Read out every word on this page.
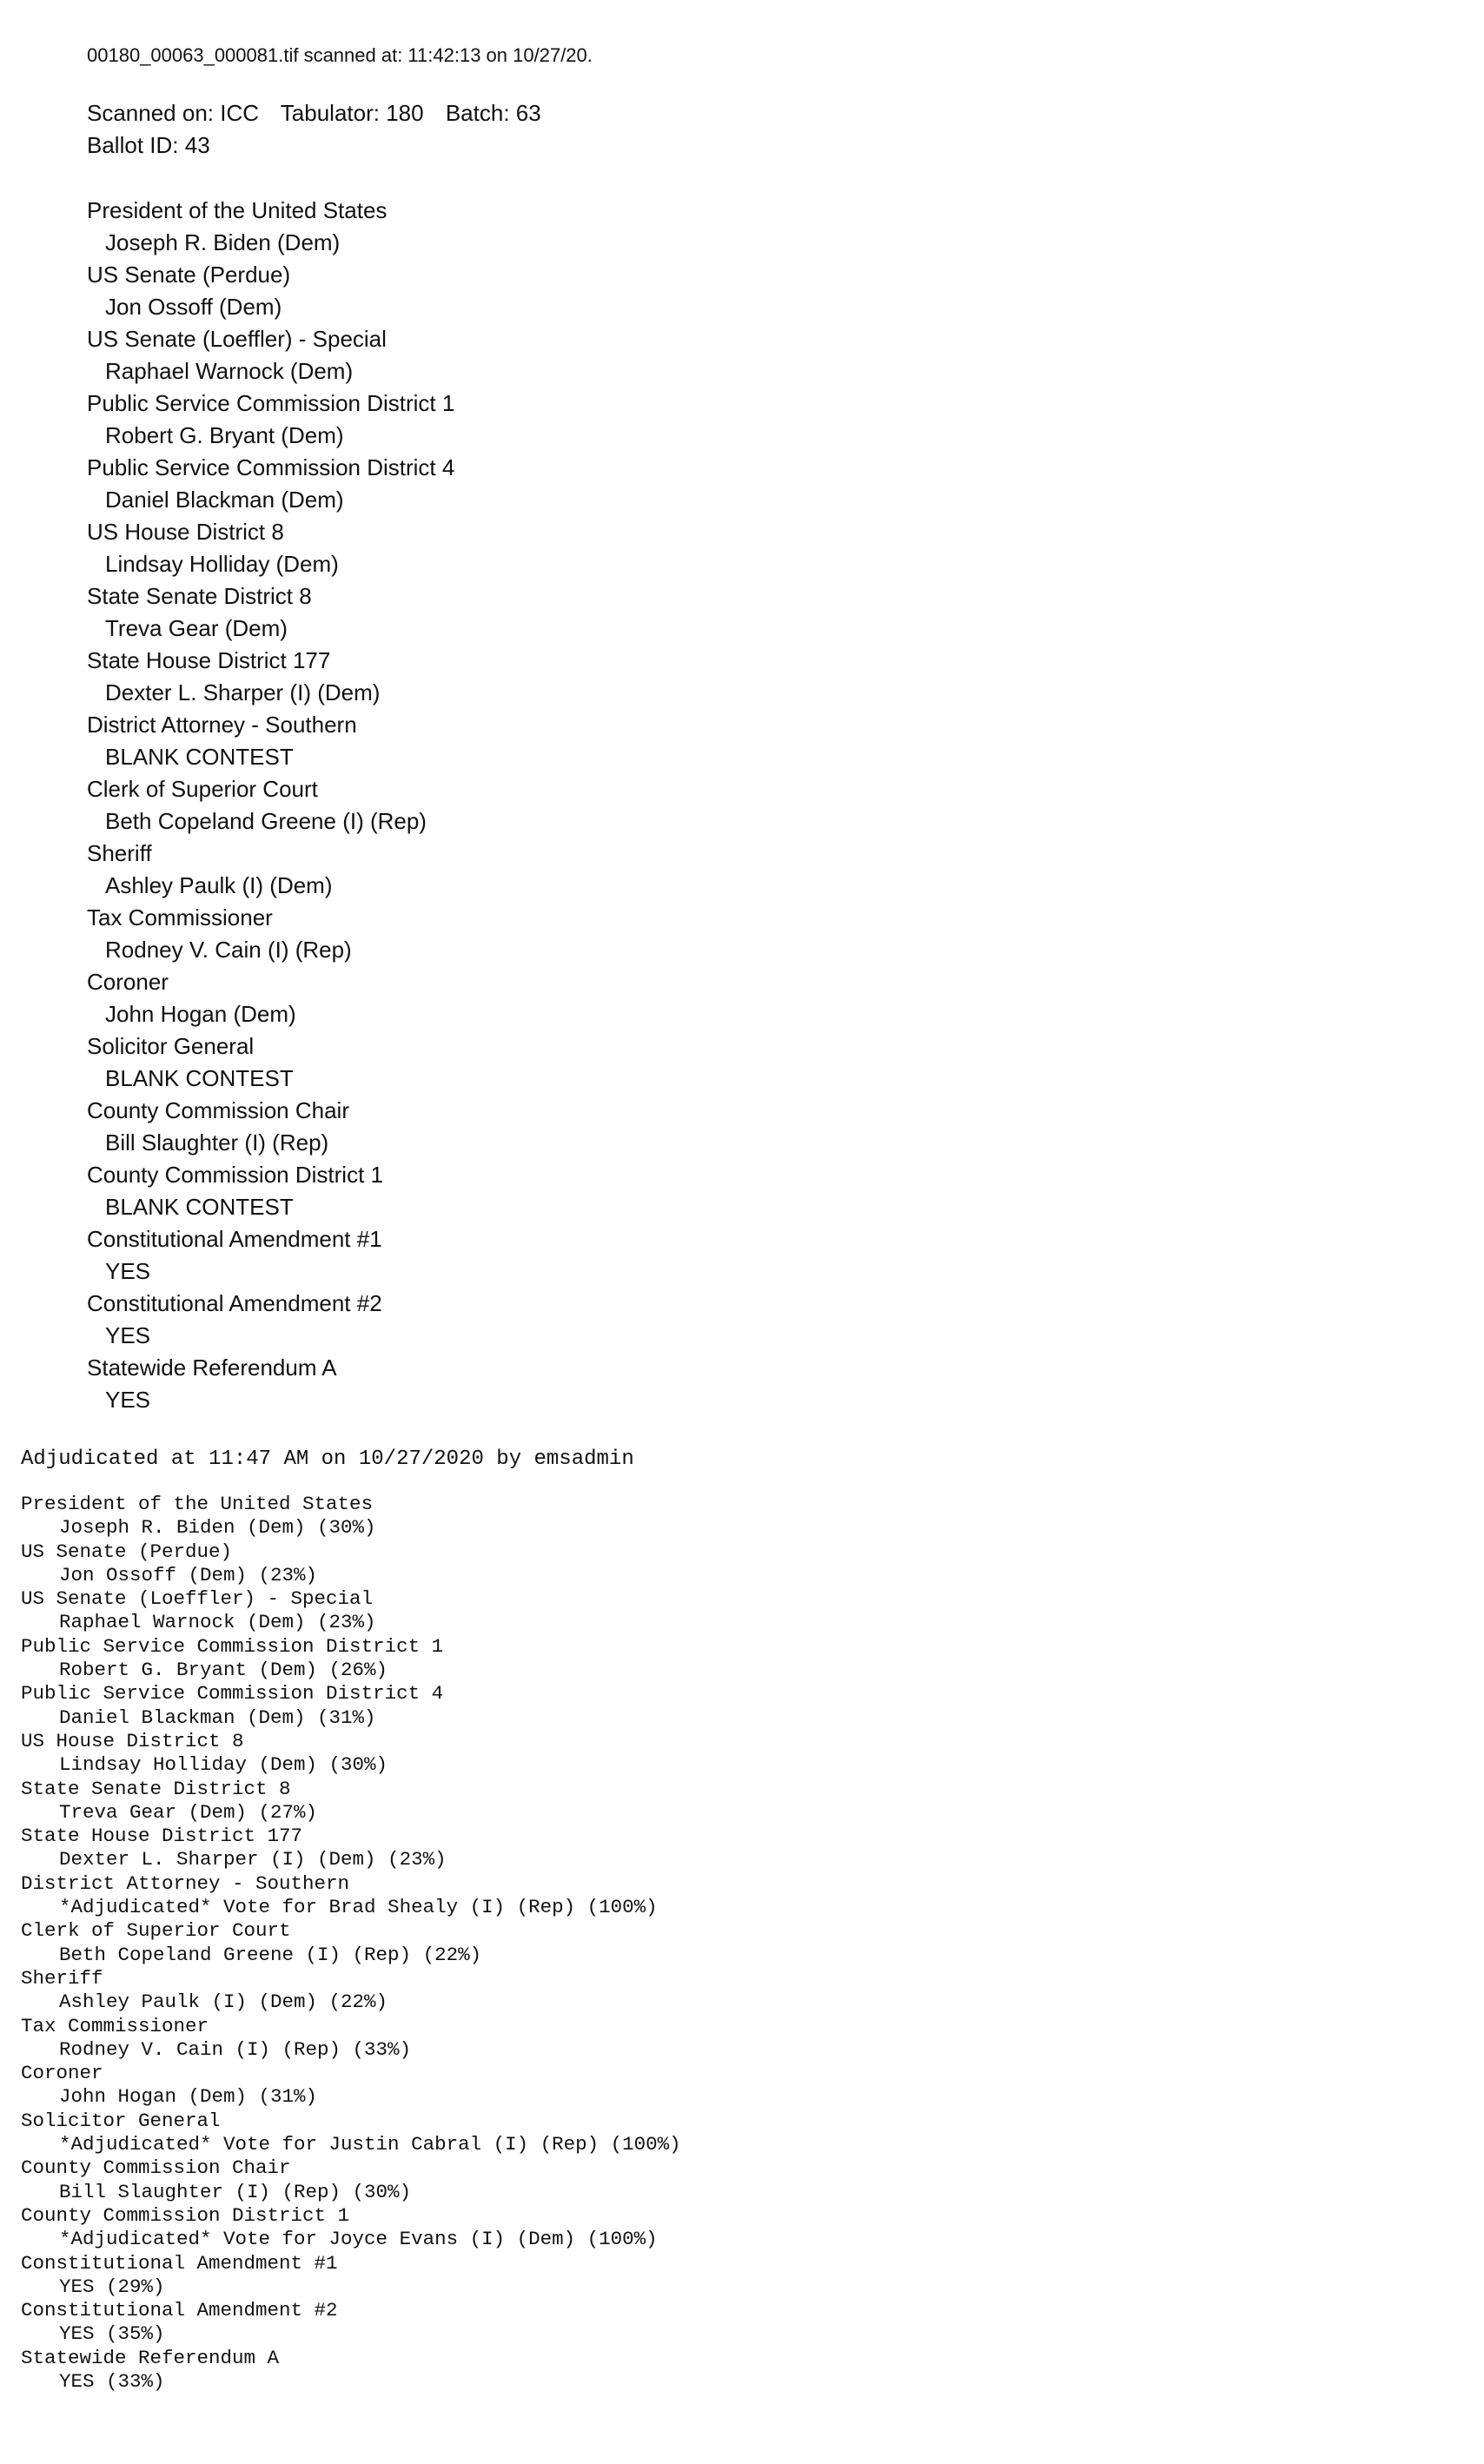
00180_00063_000081.tif scanned at: 11:42:13 on 10/27/20.
Scanned on: ICC Tabulator: 180 Batch: 63
Ballot ID: 43
President of the United States
Joseph R. Biden (Dem)
US Senate (Perdue)
Jon Ossoff (Dem)
US Senate (Loeffler) - Special
Raphael Warnock (Dem)
Public Service Commission District 1
Robert G. Bryant (Dem)
Public Service Commission District 4
Daniel Blackman (Dem)
US House District 8
Lindsay Holliday (Dem)
State Senate District 8
Treva Gear (Dem)
State House District 177
Dexter L. Sharper (I) (Dem)
District Attorney - Southern
BLANK CONTEST
Clerk of Superior Court
Beth Copeland Greene (I) (Rep)
Sheriff
Ashley Paulk (I) (Dem)
Tax Commissioner
Rodney V. Cain (I) (Rep)
Coroner
John Hogan (Dem)
Solicitor General
BLANK CONTEST
County Commission Chair
Bill Slaughter (I) (Rep)
County Commission District 1
BLANK CONTEST
Constitutional Amendment #1
YES
Constitutional Amendment #2
YES
Statewide Referendum A
YES
Adjudicated at 11:47 AM on 10/27/2020 by emsadmin
President of the United States
Joseph R. Biden (Dem) (30%)
US Senate (Perdue)
Jon Ossoff (Dem) (23%)
US Senate (Loeffler) - Special
Raphael Warnock (Dem) (23%)
Public Service Commission District 1
Robert G. Bryant (Dem) (26%)
Public Service Commission District 4
Daniel Blackman (Dem) (31%)
US House District 8
Lindsay Holliday (Dem) (30%)
State Senate District 8
Treva Gear (Dem) (27%)
State House District 177
Dexter L. Sharper (I) (Dem) (23%)
District Attorney - Southern
*Adjudicated* Vote for Brad Shealy (I) (Rep) (100%)
Clerk of Superior Court
Beth Copeland Greene (I) (Rep) (22%)
Sheriff
Ashley Paulk (I) (Dem) (22%)
Tax Commissioner
Rodney V. Cain (I) (Rep) (33%)
Coroner
John Hogan (Dem) (31%)
Solicitor General
*Adjudicated* Vote for Justin Cabral (I) (Rep) (100%)
County Commission Chair
Bill Slaughter (I) (Rep) (30%)
County Commission District 1
*Adjudicated* Vote for Joyce Evans (I) (Dem) (100%)
Constitutional Amendment #1
YES (29%)
Constitutional Amendment #2
YES (35%)
Statewide Referendum A
YES (33%)
